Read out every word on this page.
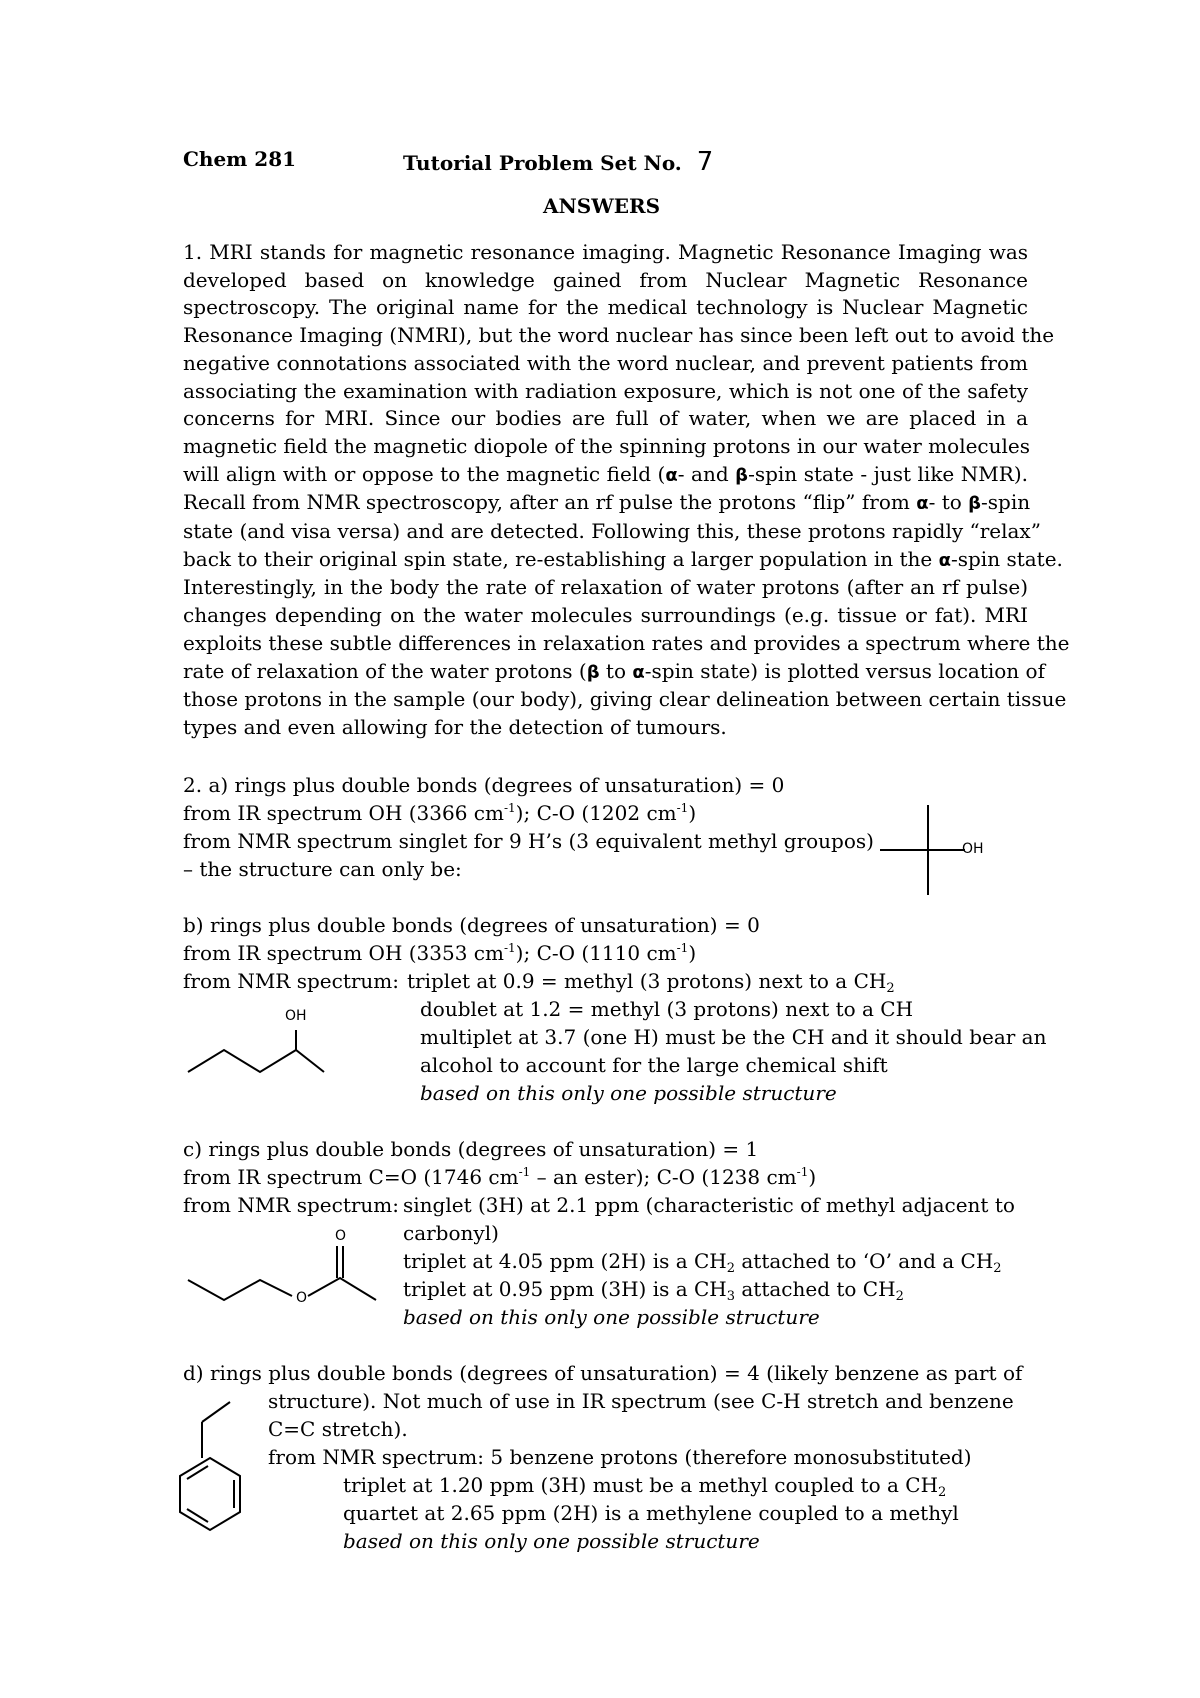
Chem 281	Tutorial Problem Set No. 7
ANSWERS
1. MRI stands for magnetic resonance imaging. Magnetic Resonance Imaging was
developed based on knowledge gained from Nuclear Magnetic Resonance
spectroscopy. The original name for the medical technology is Nuclear Magnetic
Resonance Imaging (NMRI), but the word nuclear has since been left out to avoid the
negative connotations associated with the word nuclear, and prevent patients from
associating the examination with radiation exposure, which is not one of the safety
concerns for MRI. Since our bodies are full of water, when we are placed in a
magnetic field the magnetic diopole of the spinning protons in our water molecules
will align with or oppose to the magnetic field (α- and β-spin state - just like NMR).
Recall from NMR spectroscopy, after an rf pulse the protons “flip” from α- to β-spin
state (and visa versa) and are detected. Following this, these protons rapidly “relax”
back to their original spin state, re-establishing a larger population in the α-spin state.
Interestingly, in the body the rate of relaxation of water protons (after an rf pulse)
changes depending on the water molecules surroundings (e.g. tissue or fat). MRI
exploits these subtle differences in relaxation rates and provides a spectrum where the
rate of relaxation of the water protons (β to α-spin state) is plotted versus location of
those protons in the sample (our body), giving clear delineation between certain tissue
types and even allowing for the detection of tumours.
2. a) rings plus double bonds (degrees of unsaturation) = 0
from IR spectrum OH (3366 $cm^{-1}$); C-O (1202 $cm^{-1}$)
from NMR spectrum singlet for 9 H’s (3 equivalent methyl groupos)
– the structure can only be:
OH
b) rings plus double bonds (degrees of unsaturation) = 0
from IR spectrum OH (3353 $cm^{-1}$); C-O (1110 $cm^{-1}$)
from NMR spectrum: triplet at 0.9 = methyl (3 protons) next to a $CH_2$
doublet at 1.2 = methyl (3 protons) next to a CH
multiplet at 3.7 (one H) must be the CH and it should bear an
alcohol to account for the large chemical shift
based on this only one possible structure
OH
c) rings plus double bonds (degrees of unsaturation) = 1
from IR spectrum C=O (1746 $cm^{-1}$ – an ester); C-O (1238 $cm^{-1}$)
from NMR spectrum: singlet (3H) at 2.1 ppm (characteristic of methyl adjacent to
carbonyl)
triplet at 4.05 ppm (2H) is a $CH_2$ attached to ‘O’ and a $CH_2$
triplet at 0.95 ppm (3H) is a $CH_3$ attached to $CH_2$
based on this only one possible structure
O
O
d) rings plus double bonds (degrees of unsaturation) = 4 (likely benzene as part of
structure). Not much of use in IR spectrum (see C-H stretch and benzene
C=C stretch).
from NMR spectrum: 5 benzene protons (therefore monosubstituted)
triplet at 1.20 ppm (3H) must be a methyl coupled to a $CH_2$
quartet at 2.65 ppm (2H) is a methylene coupled to a methyl
based on this only one possible structure
